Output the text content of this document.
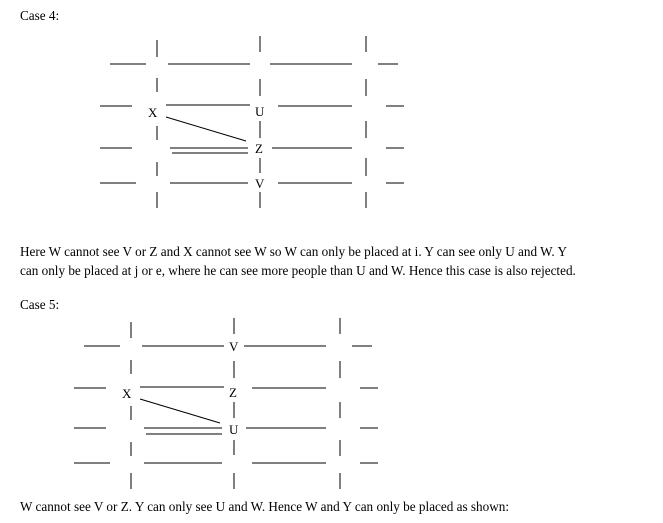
Case 4:
X	U
Z
V
Here W cannot see V or Z and X cannot see W so W can only be placed at i. Y can see only U and W. Y
can only be placed at j or e, where he can see more people than U and W. Hence this case is also rejected.
Case 5:
V
X	Z
U
W cannot see V or Z. Y can only see U and W. Hence W and Y can only be placed as shown:
